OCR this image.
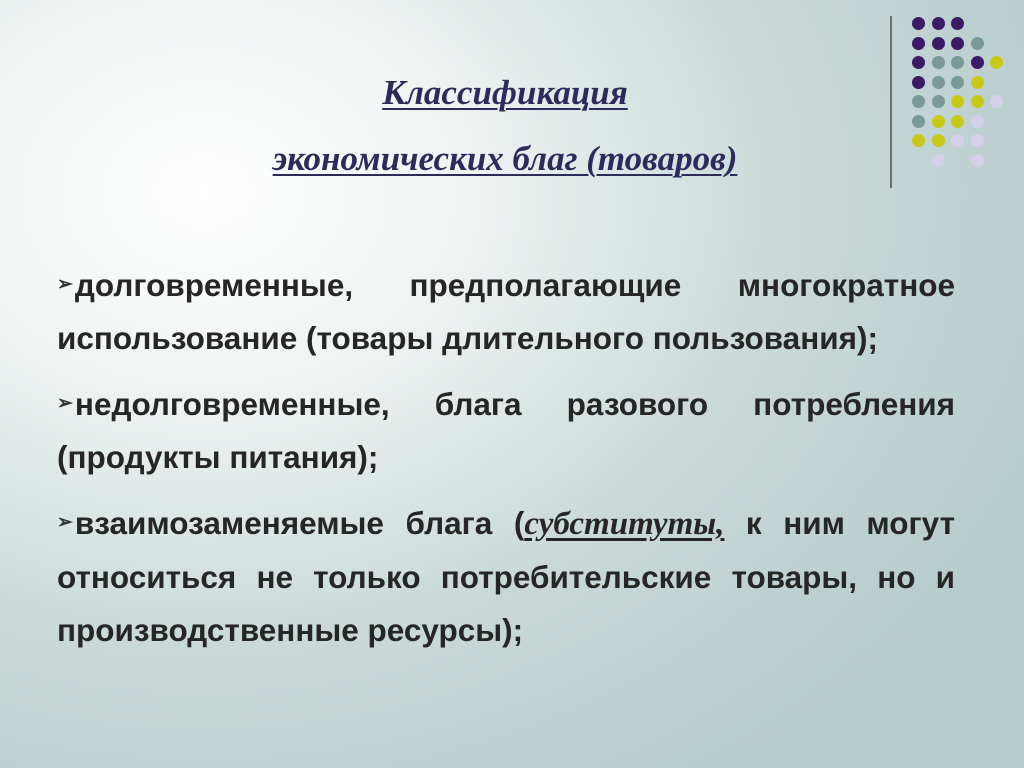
Классификация
экономических благ (товаров)
➢долговременные, предполагающие многократное использование (товары длительного пользования);
➢недолговременные, блага разового потребления (продукты питания);
➢взаимозаменяемые блага (субституты, к ним могут относиться не только потребительские товары, но и производственные ресурсы);
